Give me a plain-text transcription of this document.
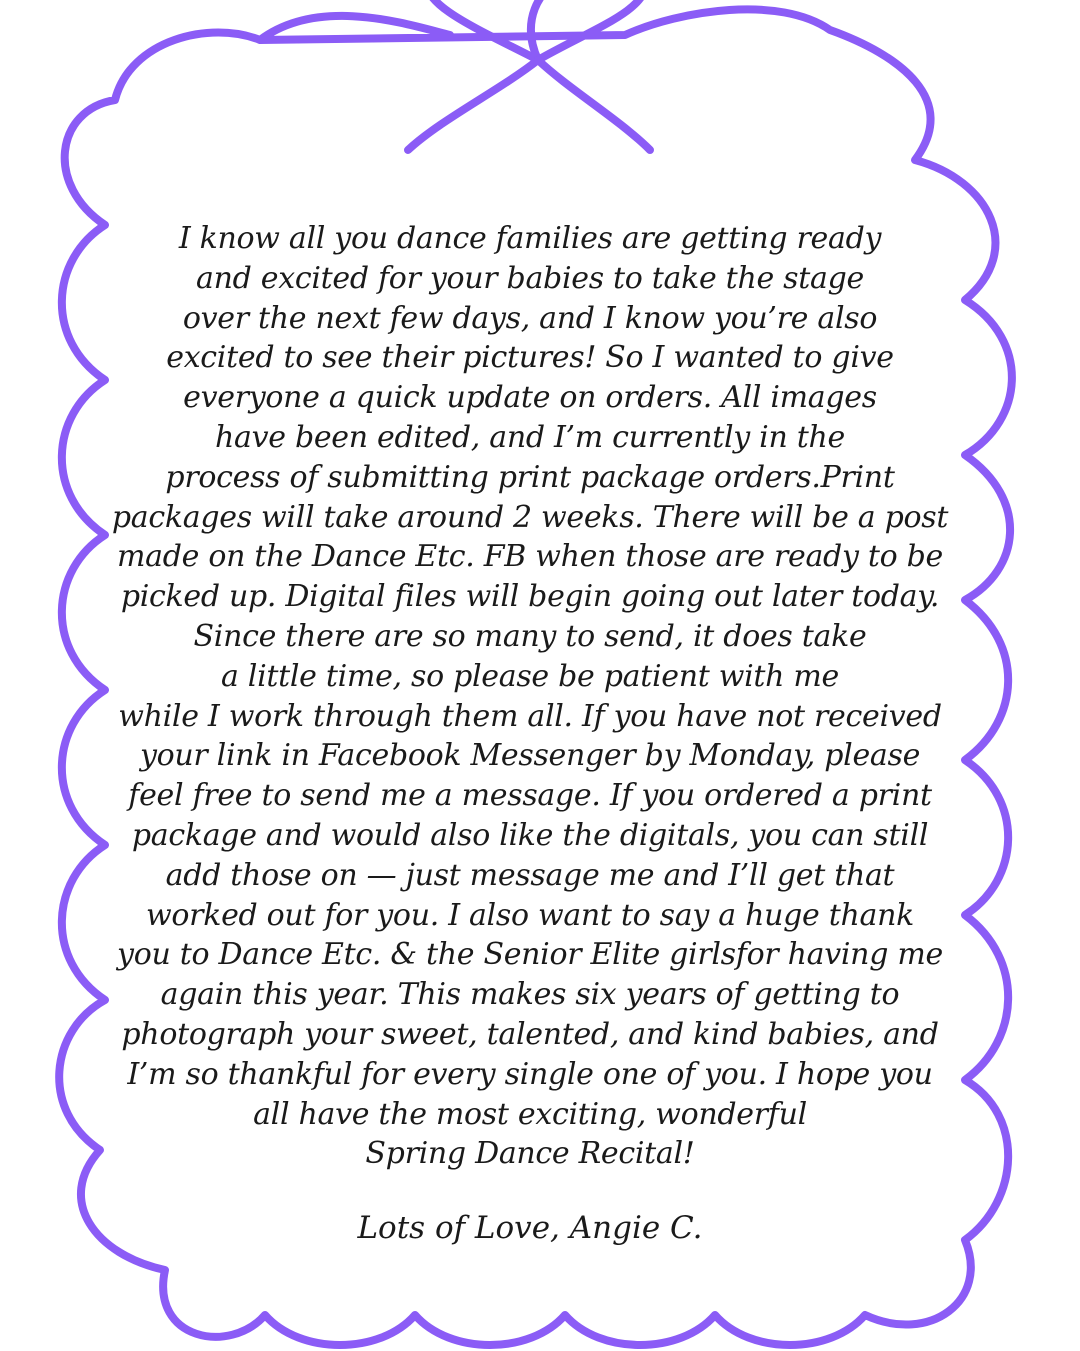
I know all you dance families are getting ready
and excited for your babies to take the stage
over the next few days, and I know you’re also
excited to see their pictures! So I wanted to give
everyone a quick update on orders. All images
have been edited, and I’m currently in the
process of submitting print package orders.Print
packages will take around 2 weeks. There will be a post
made on the Dance Etc. FB when those are ready to be
picked up. Digital files will begin going out later today.
Since there are so many to send, it does take
a little time, so please be patient with me
while I work through them all. If you have not received
your link in Facebook Messenger by Monday, please
feel free to send me a message. If you ordered a print
package and would also like the digitals, you can still
add those on — just message me and I’ll get that
worked out for you. I also want to say a huge thank
you to Dance Etc. & the Senior Elite girlsfor having me
again this year. This makes six years of getting to
photograph your sweet, talented, and kind babies, and
I’m so thankful for every single one of you. I hope you
all have the most exciting, wonderful
Spring Dance Recital!
Lots of Love, Angie C.
